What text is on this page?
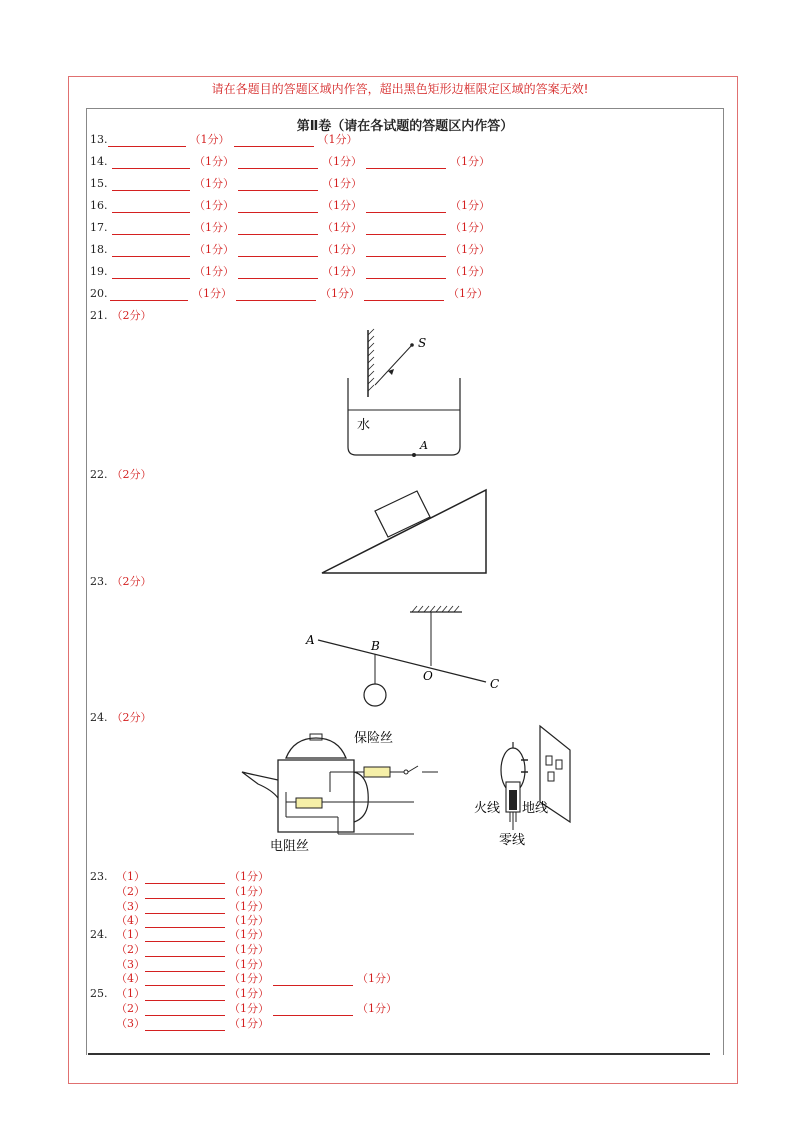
请在各题目的答题区域内作答，超出黑色矩形边框限定区域的答案无效!
第Ⅱ卷（请在各试题的答题区内作答）
13.	（1分）	（1分）
14.	（1分）	（1分）	（1分）
15.	（1分）	（1分）
16.	（1分）	（1分）	（1分）
17.	（1分）	（1分）	（1分）
18.	（1分）	（1分）	（1分）
19.	（1分）	（1分）	（1分）
20.	（1分）	（1分）	（1分）
21. （2分）
S
水
A
22. （2分）
23. （2分）
A	B
O
C
24. （2分）
保险丝
电阻丝
火线 地线
零线
23. （1）	（1分）
（2）	（1分）
（3）	（1分）
（4）	（1分）
24. （1）	（1分）
（2）	（1分）
（3）	（1分）
（4）	（1分）	（1分）
25. （1）	（1分）
（2）	（1分）	（1分）
（3）	（1分）
